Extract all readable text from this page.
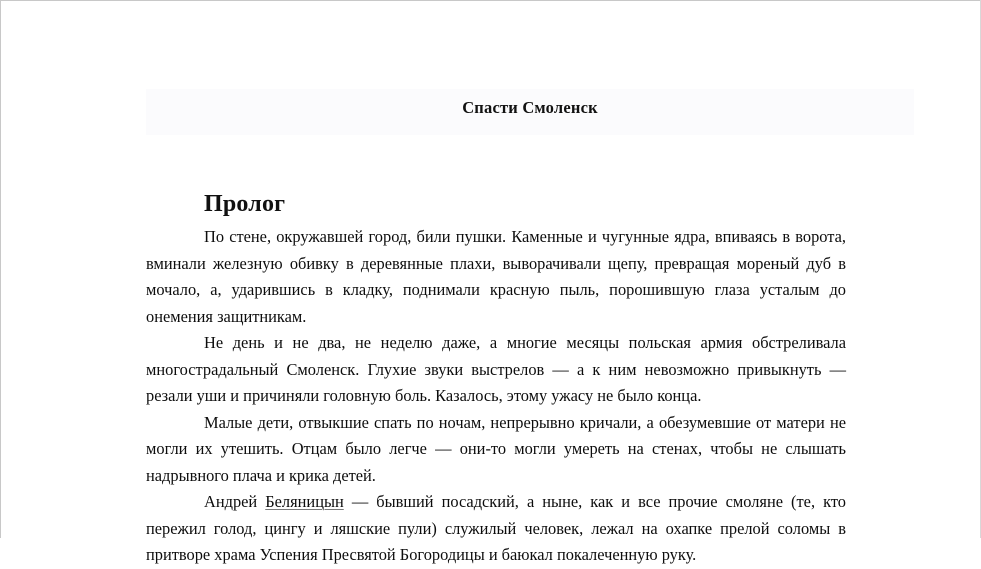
Спасти Смоленск
Пролог

По стене, окружавшей город, били пушки. Каменные и чугунные ядра, впиваясь в ворота, вминали железную обивку в деревянные плахи, выворачивали щепу, превращая мореный дуб в мочало, а, ударившись в кладку, поднимали красную пыль, порошившую глаза усталым до онемения защитникам.

Не день и не два, не неделю даже, а многие месяцы польская армия обстреливала многострадальный Смоленск. Глухие звуки выстрелов — а к ним невозможно привыкнуть — резали уши и причиняли головную боль. Казалось, этому ужасу не было конца.

Малые дети, отвыкшие спать по ночам, непрерывно кричали, а обезумевшие от матери не могли их утешить. Отцам было легче — они-то могли умереть на стенах, чтобы не слышать надрывного плача и крика детей.

Андрей Беляницын — бывший посадский, а ныне, как и все прочие смоляне (те, кто пережил голод, цингу и ляшские пули) служилый человек, лежал на охапке прелой соломы в притворе храма Успения Пресвятой Богородицы и баюкал покалеченную руку.
